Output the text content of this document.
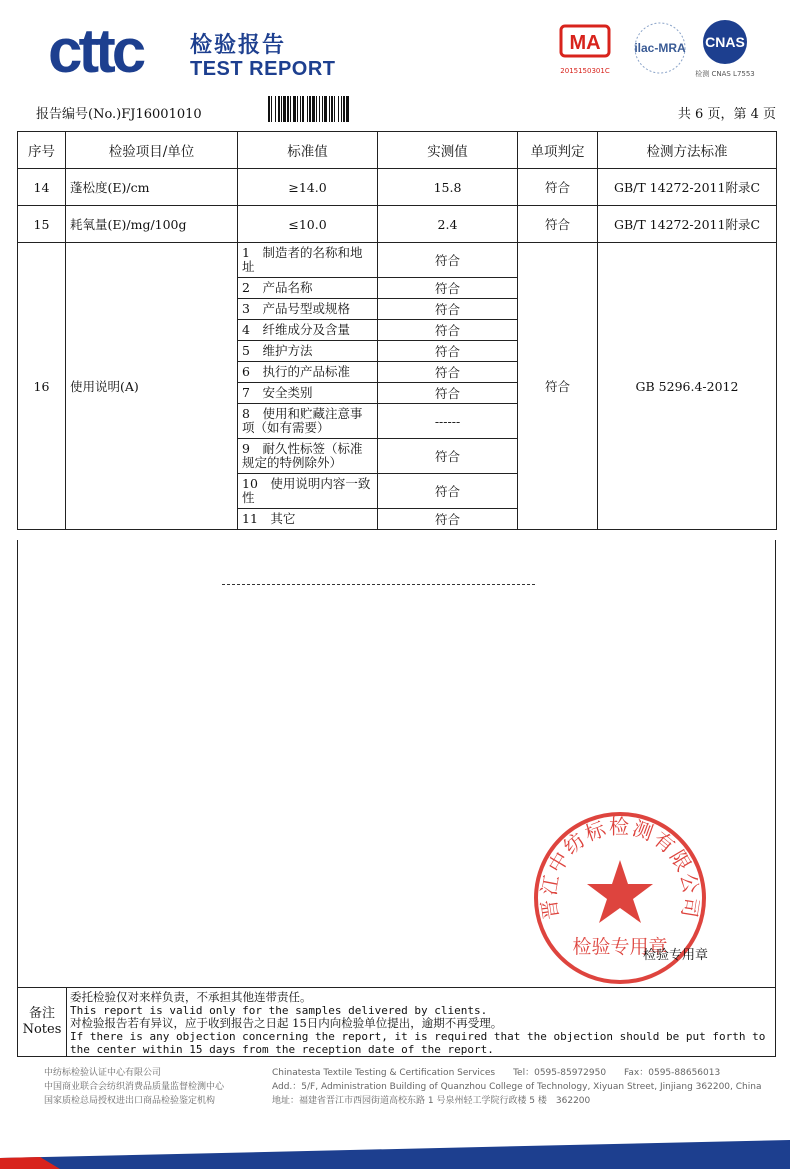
cttc 检验报告
TEST REPORT
MA
2015150301C
ilac-MRA CNAS
检测 CNAS L7553
报告编号(No.)FJ16001010	共 6 页，第 4 页
序号	检验项目/单位	标准值	实测值	单项判定	检测方法标准
14	蓬松度(E)/cm	≥14.0	15.8	符合	GB/T 14272-2011附录C
15	耗氧量(E)/mg/100g	≤10.0	2.4	符合	GB/T 14272-2011附录C
16	使用说明(A)	1　制造者的名称和地址	符合	符合	GB 5296.4-2012
		2　产品名称	符合		
		3　产品号型或规格	符合		
		4　纤维成分及含量	符合		
		5　维护方法	符合		
		6　执行的产品标准	符合		
		7　安全类别	符合		
		8　使用和贮藏注意事项（如有需要）	------		
		9　耐久性标签（标准规定的特例除外）	符合		
		10　使用说明内容一致性	符合		
		11　其它	符合		
晋江中纺标检测有限公司
检验专用章
检验专用章
备注
Notes

委托检验仅对来样负责，不承担其他连带责任。

This report is valid only for the samples delivered by clients.

对检验报告若有异议，应于收到报告之日起 15日内向检验单位提出，逾期不再受理。

If there is any objection concerning the report, it is required that the objection should be put forth to the center within 15 days from the reception date of the report.

中纺标检验认证中心有限公司

中国商业联合会纺织消费品质量监督检测中心

国家质检总局授权进出口商品检验鉴定机构

Chinatesta Textile Testing & Certification Services　　Tel：0595-85972950　　Fax：0595-88656013

Add.：5/F, Administration Building of Quanzhou College of Technology, Xiyuan Street, Jinjiang 362200, China

地址：福建省晋江市西园街道高校东路 1 号泉州轻工学院行政楼 5 楼　362200
